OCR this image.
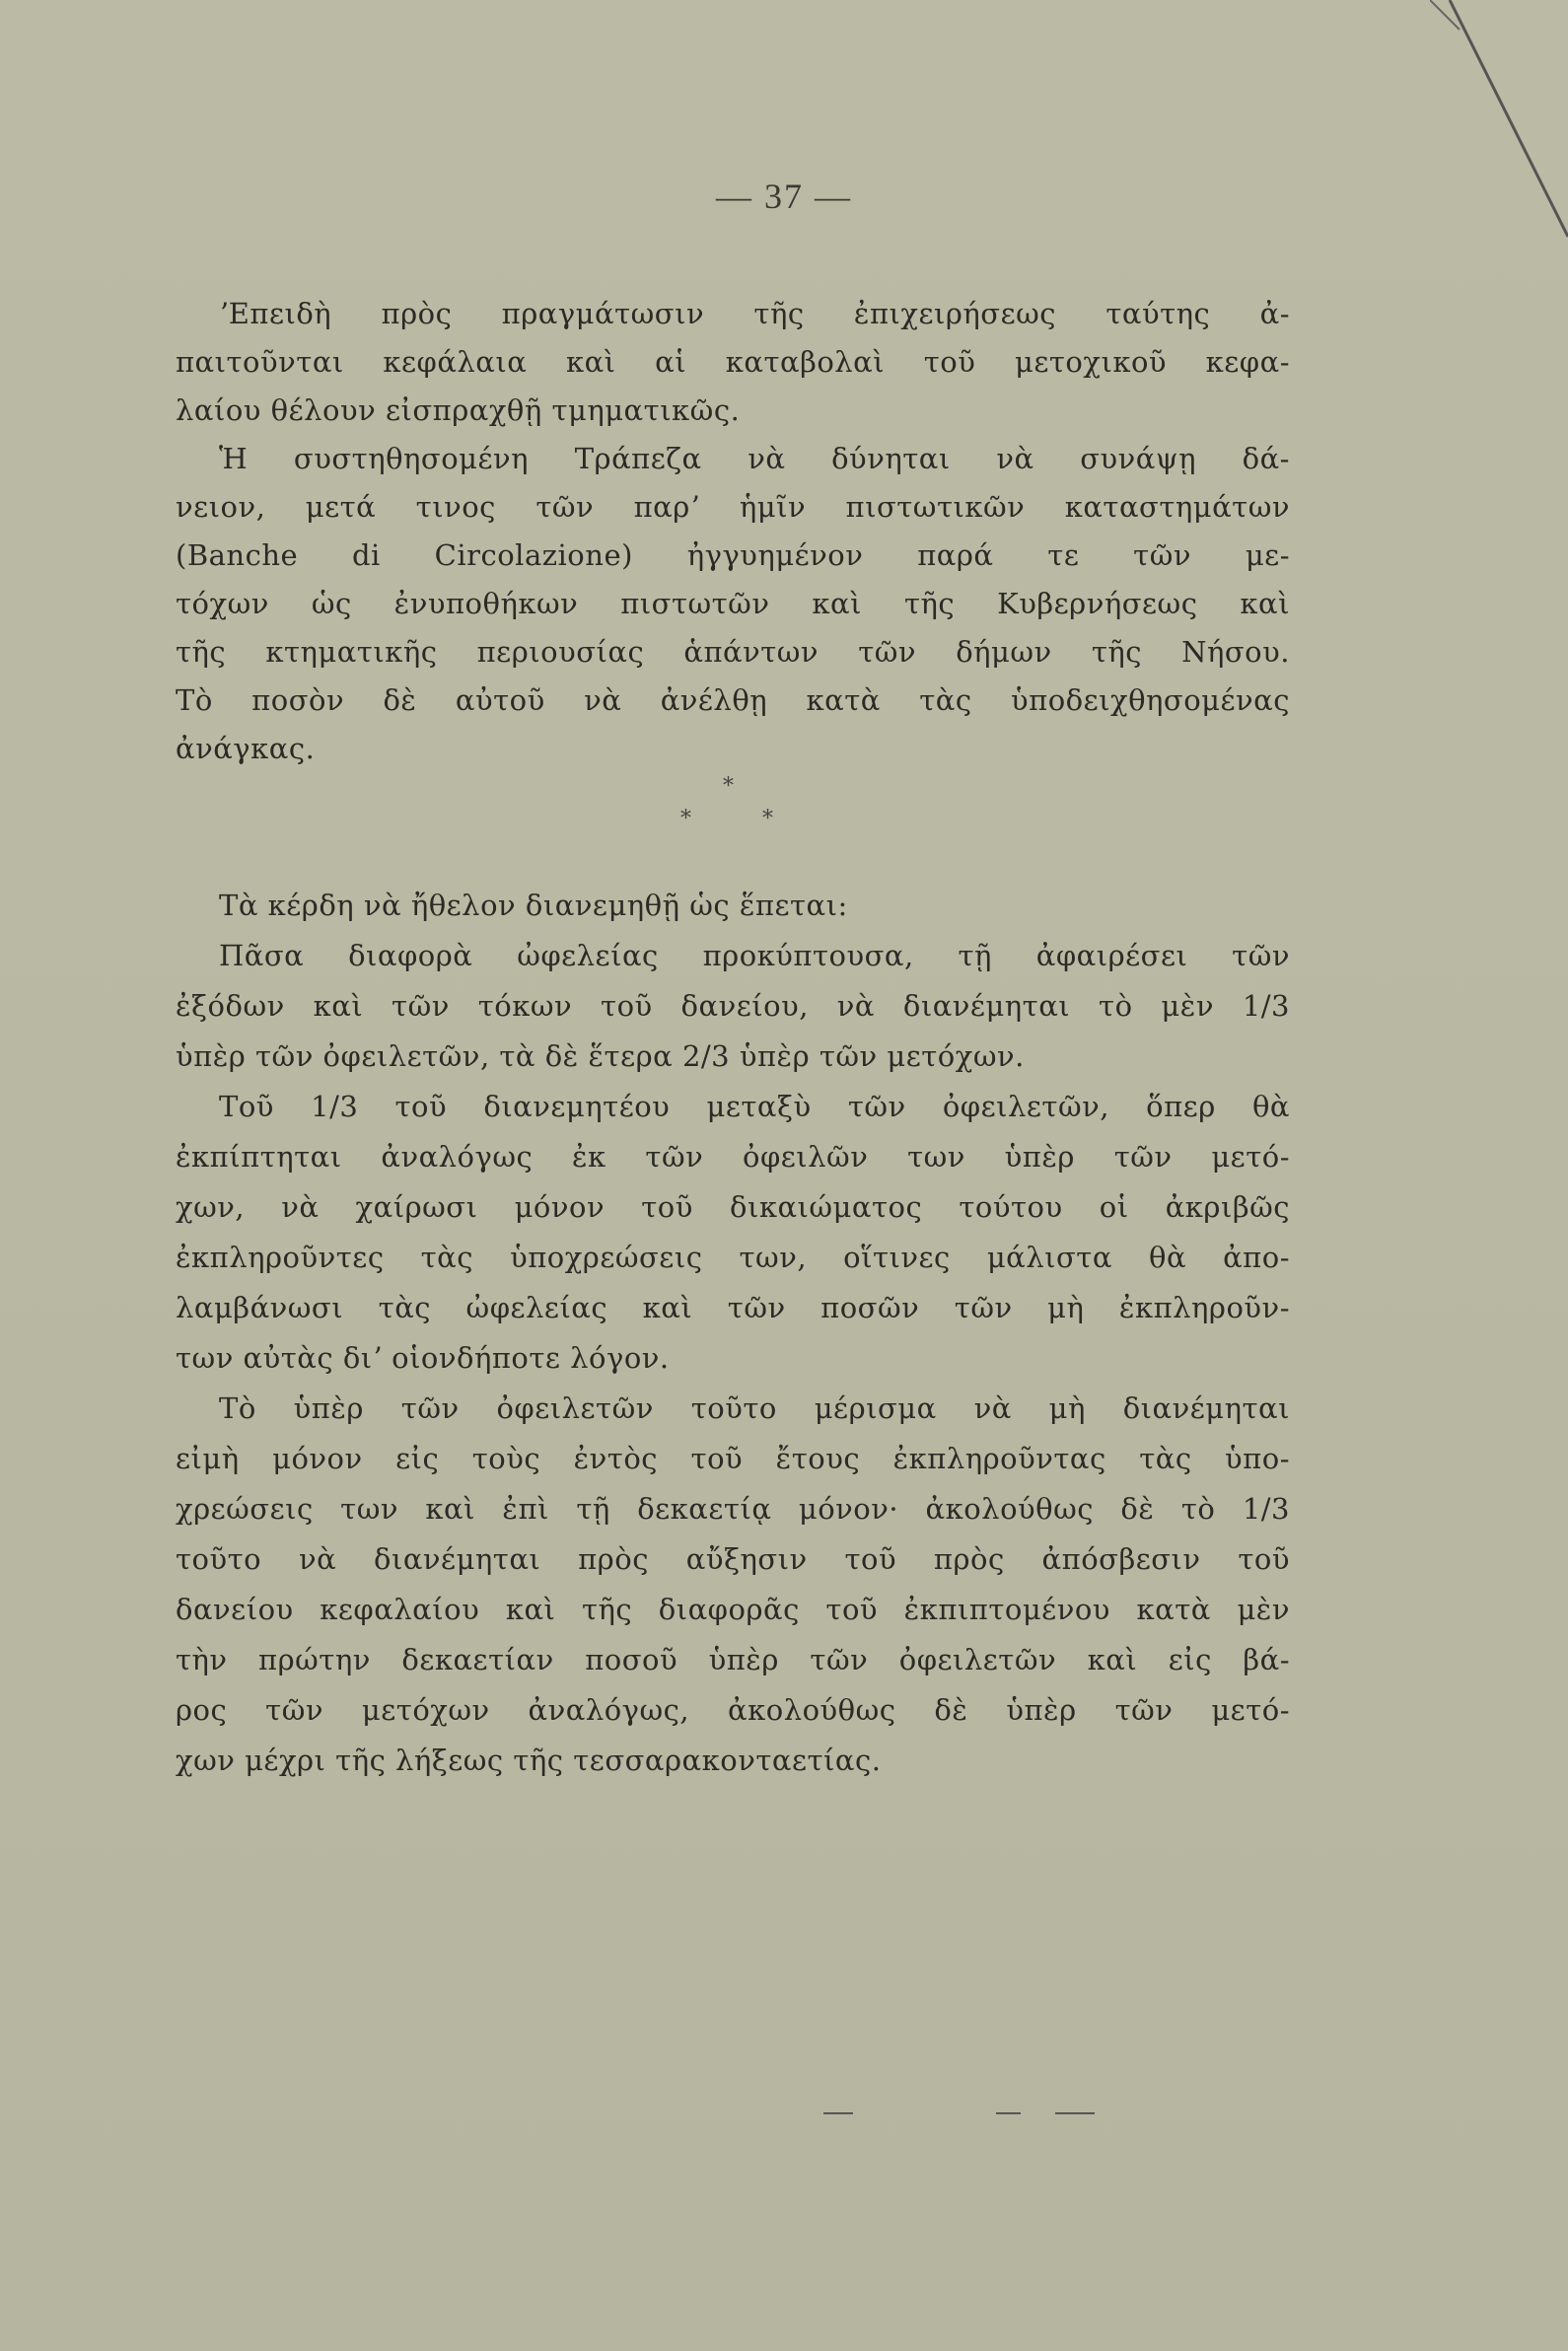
— 37 —
ʼΕπειδὴ πρὸς πραγμάτωσιν τῆς ἐπιχειρήσεως ταύτης ἀ-
παιτοῦνται κεφάλαια καὶ αἱ καταβολαὶ τοῦ μετοχικοῦ κεφα-
λαίου θέλουν εἰσπραχθῇ τμηματικῶς.
Ἡ συστηθησομένη Τράπεζα νὰ δύνηται νὰ συνάψῃ δά-
νειον, μετά τινος τῶν παρʼ ἡμῖν πιστωτικῶν καταστημάτων
(Banche di Circolazione) ἠγγυημένον παρά τε τῶν με-
τόχων ὡς ἐνυποθήκων πιστωτῶν καὶ τῆς Κυβερνήσεως καὶ
τῆς κτηματικῆς περιουσίας ἁπάντων τῶν δήμων τῆς Νήσου.
Τὸ ποσὸν δὲ αὐτοῦ νὰ ἀνέλθῃ κατὰ τὰς ὑποδειχθησομένας
ἀνάγκας.
Τὰ κέρδη νὰ ἤθελον διανεμηθῇ ὡς ἕπεται:
Πᾶσα διαφορὰ ὠφελείας προκύπτουσα, τῇ ἀφαιρέσει τῶν
ἐξόδων καὶ τῶν τόκων τοῦ δανείου, νὰ διανέμηται τὸ μὲν 1/3
ὑπὲρ τῶν ὀφειλετῶν, τὰ δὲ ἕτερα 2/3 ὑπὲρ τῶν μετόχων.
Τοῦ 1/3 τοῦ διανεμητέου μεταξὺ τῶν ὀφειλετῶν, ὅπερ θὰ
ἐκπίπτηται ἀναλόγως ἐκ τῶν ὀφειλῶν των ὑπὲρ τῶν μετό-
χων, νὰ χαίρωσι μόνον τοῦ δικαιώματος τούτου οἱ ἀκριβῶς
ἐκπληροῦντες τὰς ὑποχρεώσεις των, οἵτινες μάλιστα θὰ ἀπο-
λαμβάνωσι τὰς ὠφελείας καὶ τῶν ποσῶν τῶν μὴ ἐκπληροῦν-
των αὐτὰς διʼ οἱονδήποτε λόγον.
Τὸ ὑπὲρ τῶν ὀφειλετῶν τοῦτο μέρισμα νὰ μὴ διανέμηται
εἰμὴ μόνον εἰς τοὺς ἐντὸς τοῦ ἔτους ἐκπληροῦντας τὰς ὑπο-
χρεώσεις των καὶ ἐπὶ τῇ δεκαετίᾳ μόνον· ἀκολούθως δὲ τὸ 1/3
τοῦτο νὰ διανέμηται πρὸς αὔξησιν τοῦ πρὸς ἀπόσβεσιν τοῦ
δανείου κεφαλαίου καὶ τῆς διαφορᾶς τοῦ ἐκπιπτομένου κατὰ μὲν
τὴν πρώτην δεκαετίαν ποσοῦ ὑπὲρ τῶν ὀφειλετῶν καὶ εἰς βά-
ρος τῶν μετόχων ἀναλόγως, ἀκολούθως δὲ ὑπὲρ τῶν μετό-
χων μέχρι τῆς λήξεως τῆς τεσσαρακονταετίας.
*
*	*
